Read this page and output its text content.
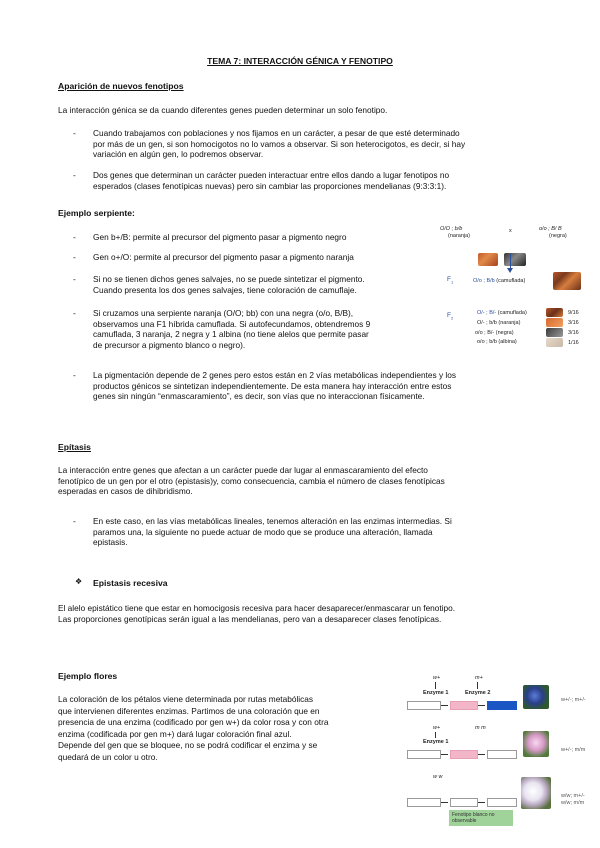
TEMA 7: INTERACCIÓN GÉNICA Y FENOTIPO
Aparición de nuevos fenotipos
La interacción génica se da cuando diferentes genes pueden determinar un solo fenotipo.
- Cuando trabajamos con poblaciones y nos fijamos en un carácter, a pesar de que esté determinado
por más de un gen, si son homocigotos no lo vamos a observar. Si son heterocigotos, es decir, si hay
variación en algún gen, lo podremos observar.
- Dos genes que determinan un carácter pueden interactuar entre ellos dando a lugar fenotipos no
esperados (clases fenotípicas nuevas) pero sin cambiar las proporciones mendelianas (9:3:3:1).
Ejemplo serpiente:
- Gen b+/B: permite al precursor del pigmento pasar a pigmento negro
- Gen o+/O: permite al precursor del pigmento pasar a pigmento naranja
- Si no se tienen dichos genes salvajes, no se puede sintetizar el pigmento.
Cuando presenta los dos genes salvajes, tiene coloración de camuflaje.
- Si cruzamos una serpiente naranja (O/O; bb) con una negra (o/o, B/B),
observamos una F1 híbrida camuflada. Si autofecundamos, obtendremos 9
camuflada, 3 naranja, 2 negra y 1 albina (no tiene alelos que permite pasar
de precursor a pigmento blanco o negro).
- La pigmentación depende de 2 genes pero estos están en 2 vías metabólicas independientes y los
productos génicos se sintetizan independientemente. De esta manera hay interacción entre estos
genes sin ningún “enmascaramiento”, es decir, son vías que no interaccionan físicamente.
O/O ; b/b
(naranja)
x	o/o ; B/ B
(negra)
$F_1$	O/o ; B/b (camuflada)
$F_2$
O/- ; B/- (camuflada)
O/- ; b/b (naranja)
o/o ; B/- (negra)
o/o ; b/b (albina)
9/16
3/16
3/16
1/16
Epítasis
La interacción entre genes que afectan a un carácter puede dar lugar al enmascaramiento del efecto
fenotípico de un gen por el otro (epistasis)y, como consecuencia, cambia el número de clases fenotípicas
esperadas en casos de dihibridismo.
- En este caso, en las vías metabólicas lineales, tenemos alteración en las enzimas intermedias. Si
paramos una, la siguiente no puede actuar de modo que se produce una alteración, llamada
epistasis.
❖ Epistasis recesiva
El alelo epistático tiene que estar en homocigosis recesiva para hacer desaparecer/enmascarar un fenotipo.
Las proporciones genotípicas serán igual a las mendelianas, pero van a desaparecer clases fenotípicas.
Ejemplo flores
La coloración de los pétalos viene determinada por rutas metabólicas
que intervienen diferentes enzimas. Partimos de una coloración que en
presencia de una enzima (codificado por gen w+) da color rosa y con otra
enzima (codificada por gen m+) dará lugar coloración final azul.
Depende del gen que se bloquee, no se podrá codificar el enzima y se
quedará de un color u otro.
w+	m+
Enzyme 1	Enzyme 2
w+/-; m+/-
w+	m m
Enzyme 1
w+/-; m/m
w w
Fenotipo blanco no
observable
w/w; m+/-
w/w; m/m
